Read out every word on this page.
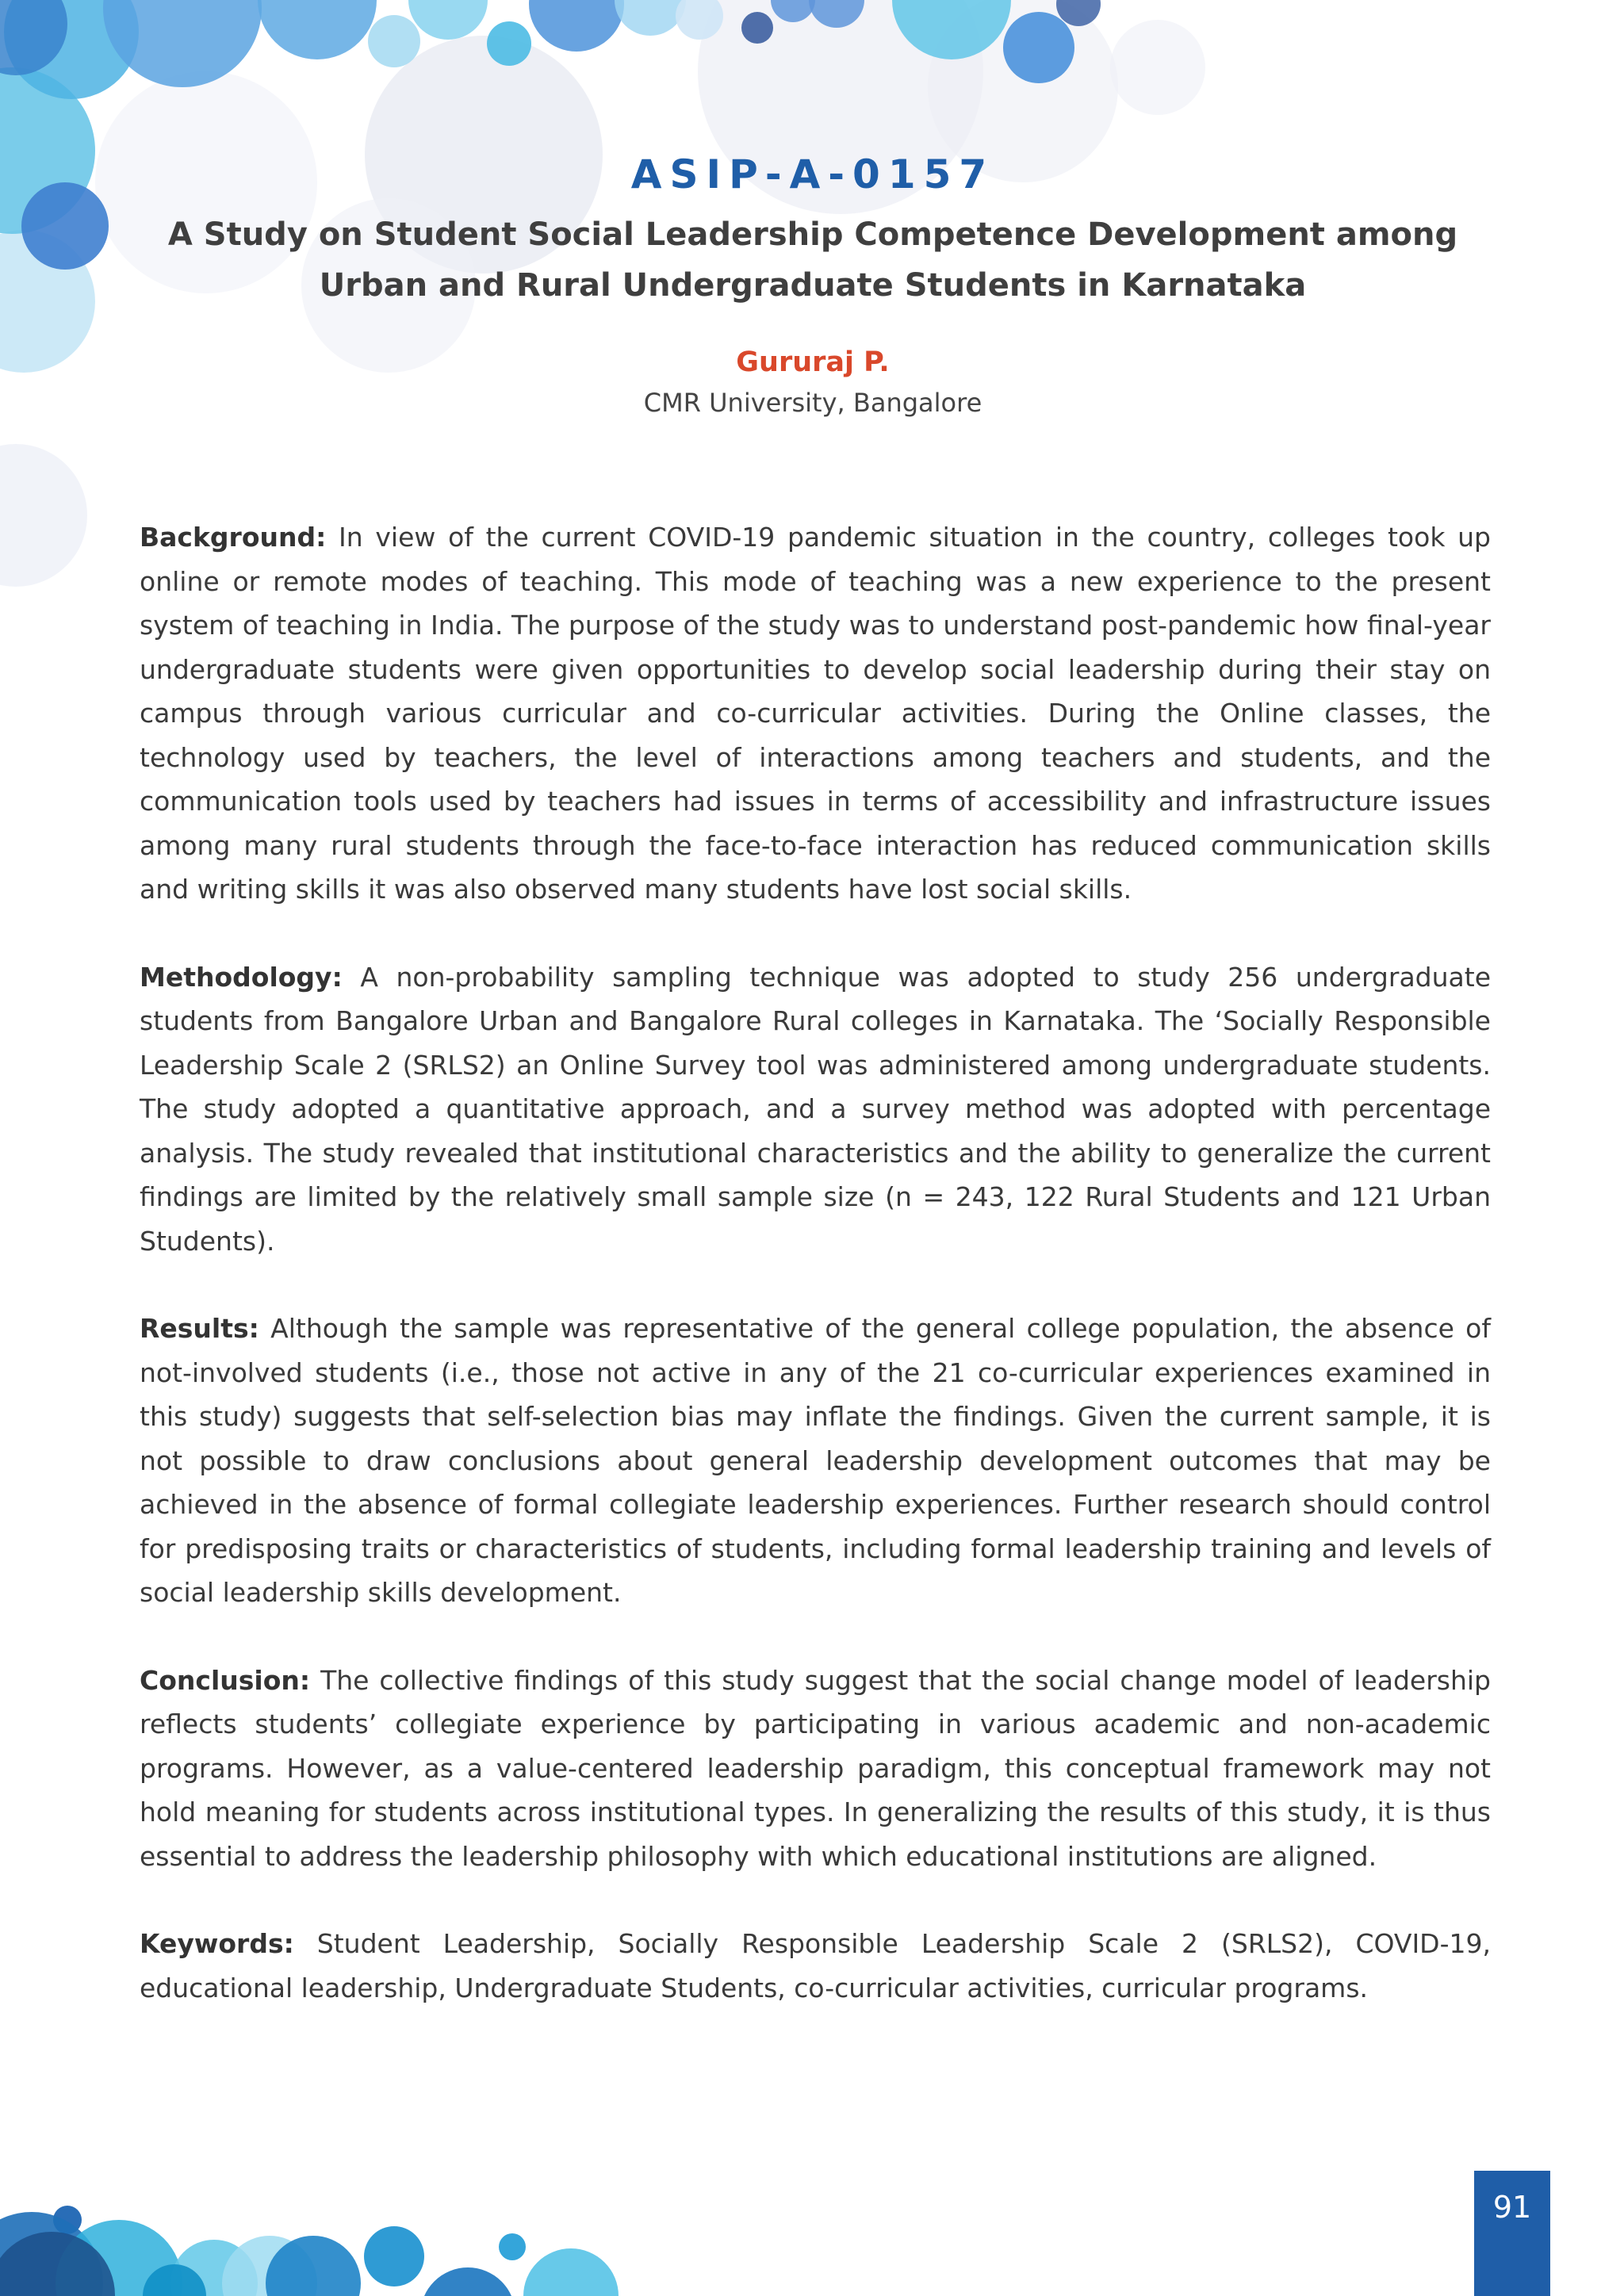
ASIP-A-0157
A Study on Student Social Leadership Competence Development among
Urban and Rural Undergraduate Students in Karnataka
Gururaj P.
CMR University, Bangalore

Background: In view of the current COVID-19 pandemic situation in the country, colleges took up online or remote modes of teaching. This mode of teaching was a new experience to the present system of teaching in India. The purpose of the study was to understand post-pandemic how final-year undergraduate students were given opportunities to develop social leadership during their stay on campus through various curricular and co-curricular activities. During the Online classes, the technology used by teachers, the level of interactions among teachers and students, and the communication tools used by teachers had issues in terms of accessibility and infrastructure issues among many rural students through the face-to-face interaction has reduced communication skills and writing skills it was also observed many students have lost social skills.

Methodology: A non-probability sampling technique was adopted to study 256 undergraduate students from Bangalore Urban and Bangalore Rural colleges in Karnataka. The ‘Socially Responsible Leadership Scale 2 (SRLS2) an Online Survey tool was administered among undergraduate students. The study adopted a quantitative approach, and a survey method was adopted with percentage analysis. The study revealed that institutional characteristics and the ability to generalize the current findings are limited by the relatively small sample size (n = 243, 122 Rural Students and 121 Urban Students).

Results: Although the sample was representative of the general college population, the absence of not-involved students (i.e., those not active in any of the 21 co-curricular experiences examined in this study) suggests that self-selection bias may inflate the findings. Given the current sample, it is not possible to draw conclusions about general leadership development outcomes that may be achieved in the absence of formal collegiate leadership experiences. Further research should control for predisposing traits or characteristics of students, including formal leadership training and levels of social leadership skills development.

Conclusion: The collective findings of this study suggest that the social change model of leadership reflects students’ collegiate experience by participating in various academic and non-academic programs. However, as a value-centered leadership paradigm, this conceptual framework may not hold meaning for students across institutional types. In generalizing the results of this study, it is thus essential to address the leadership philosophy with which educational institutions are aligned.

Keywords: Student Leadership, Socially Responsible Leadership Scale 2 (SRLS2), COVID-19, educational leadership, Undergraduate Students, co-curricular activities, curricular programs.

91
